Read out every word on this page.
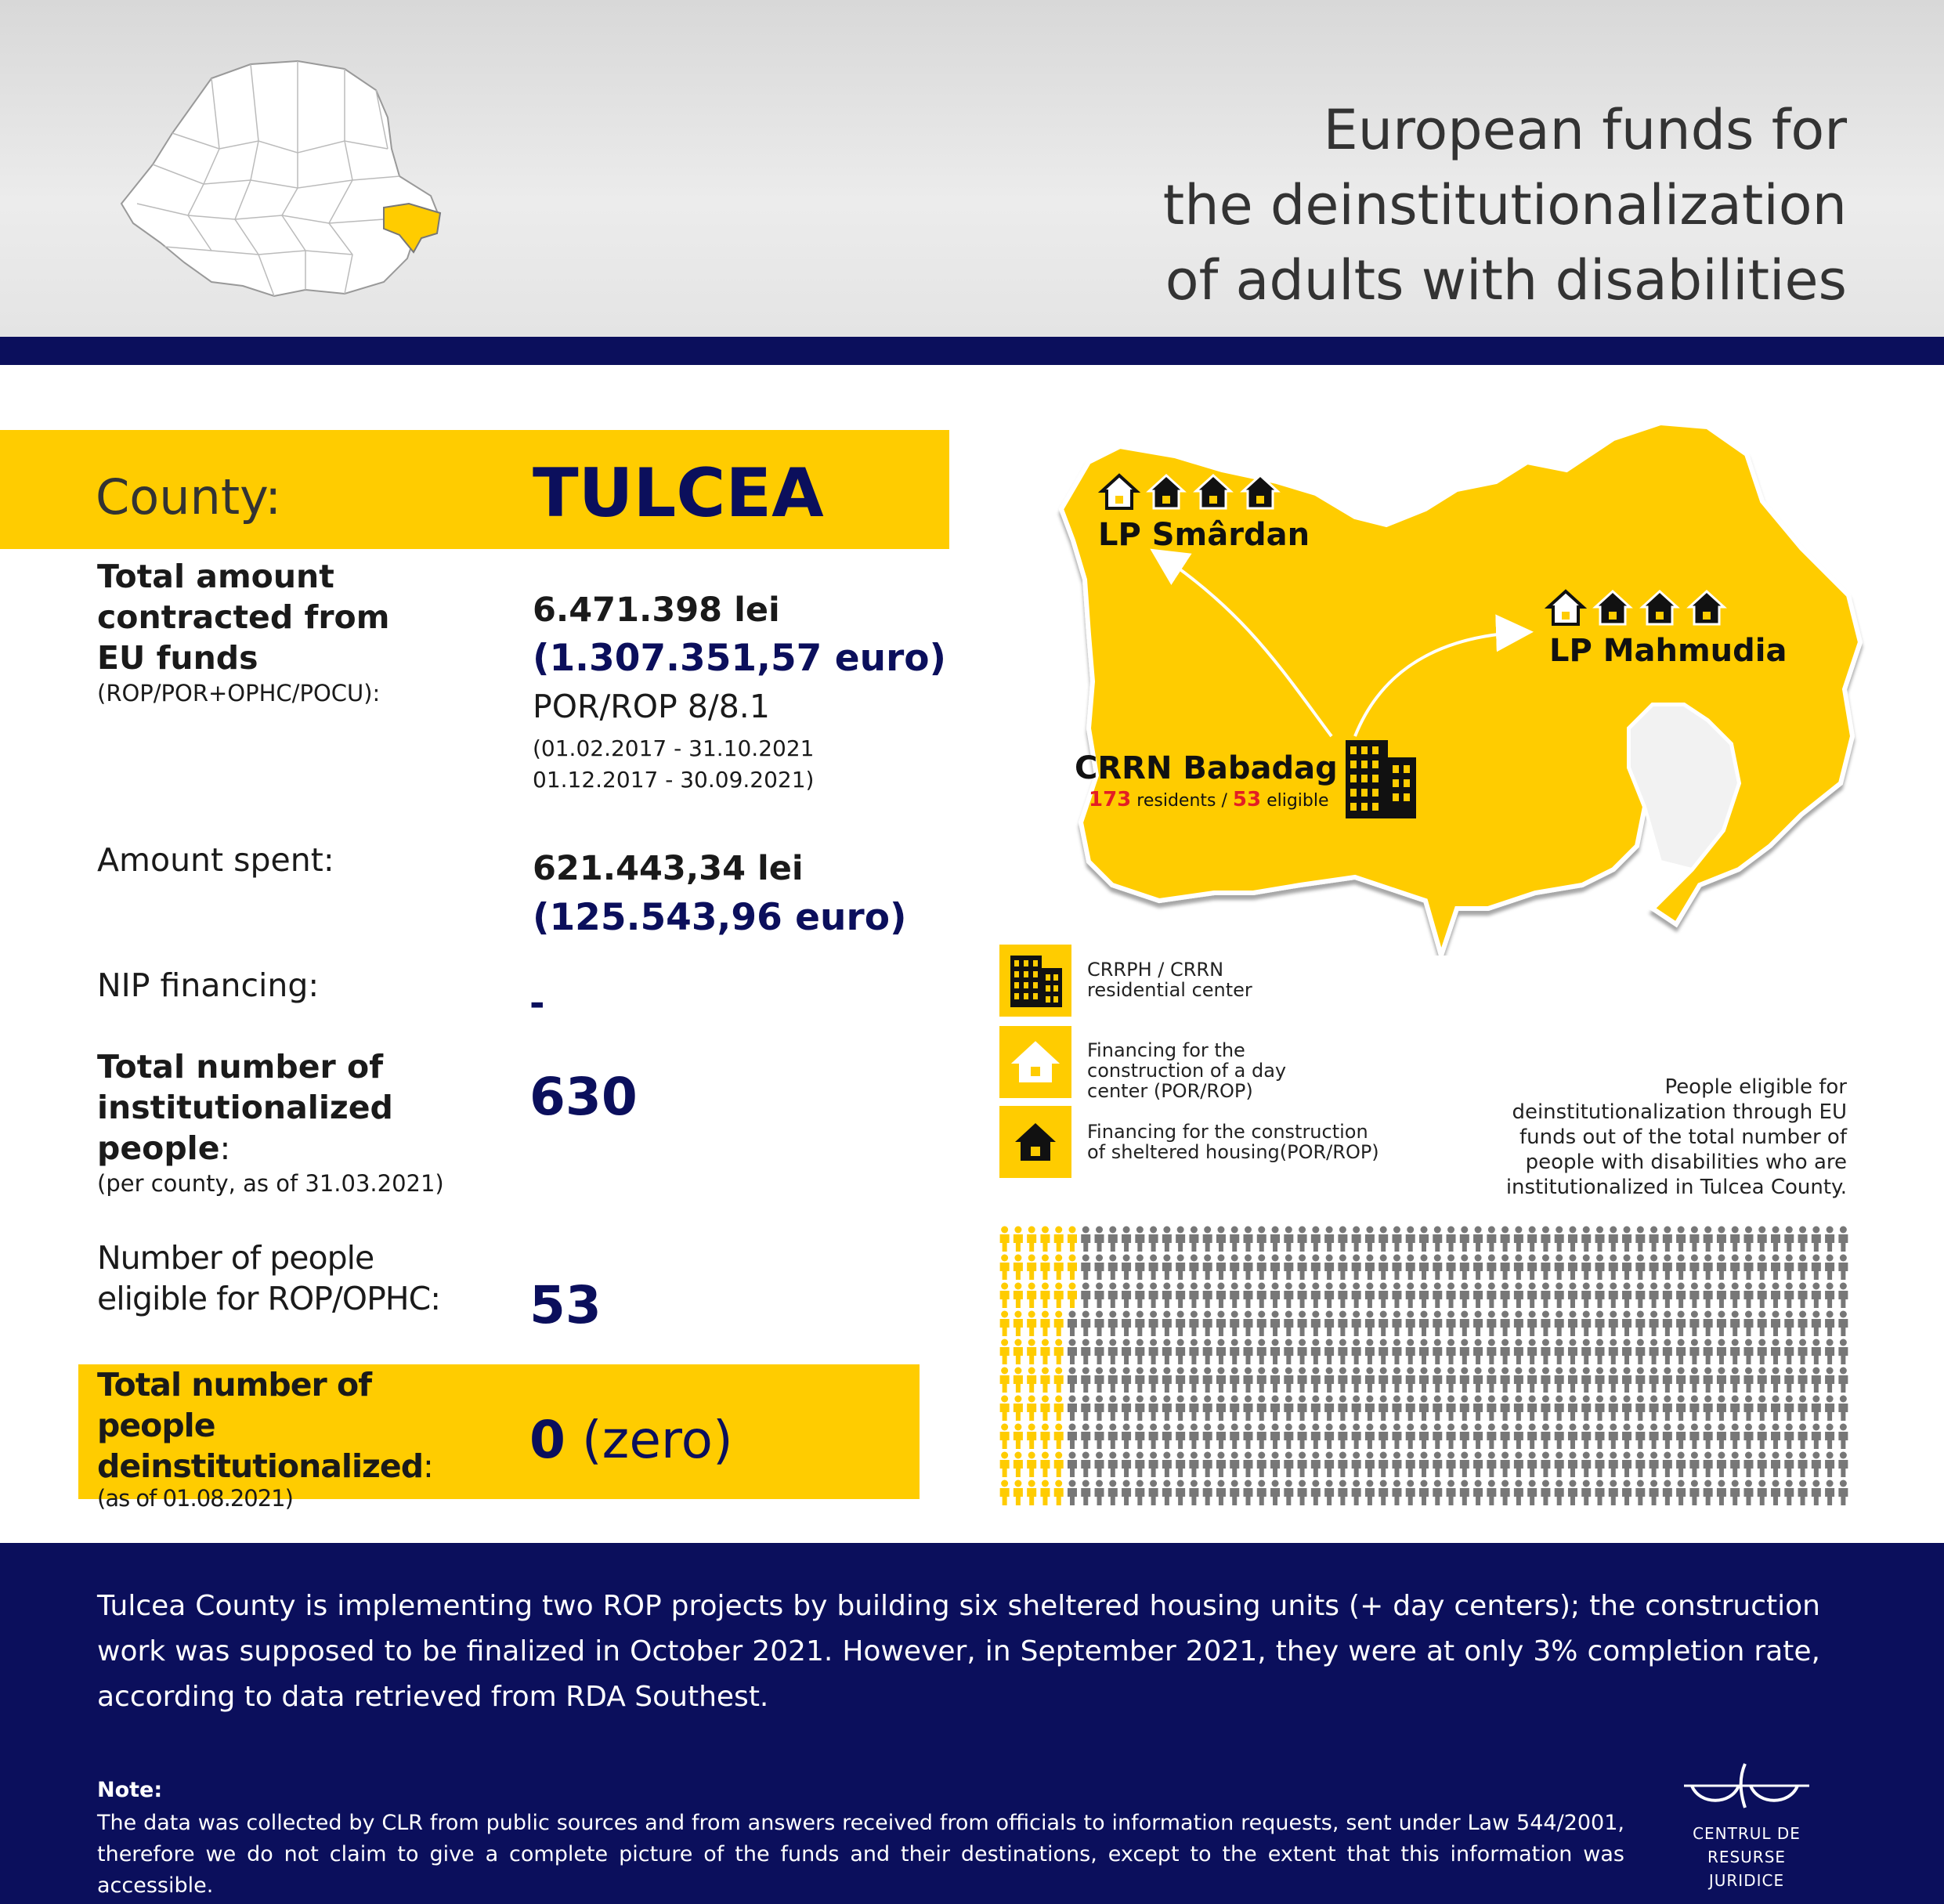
European funds for
the deinstitutionalization
of adults with disabilities
County:	TULCEA
Total amount
contracted from
EU funds
(ROP/POR+OPHC/POCU):
6.471.398 lei
(1.307.351,57 euro)
POR/ROP 8/8.1
(01.02.2017 - 31.10.2021
01.12.2017 - 30.09.2021)
Amount spent:	621.443,34 lei
(125.543,96 euro)
NIP financing:	-
Total number of
institutionalized
people:
(per county, as of 31.03.2021)
630
Number of people
eligible for ROP/OPHC: 53
Total number of
people
deinstitutionalized:
(as of 01.08.2021)
0 (zero)
LP Smârdan
LP Mahmudia
CRRN Babadag
173 residents / 53 eligible
CRRPH / CRRN
residential center
Financing for the
construction of a day
center (POR/ROP)
Financing for the construction
of sheltered housing(POR/ROP)
People eligible for
deinstitutionalization through EU
funds out of the total number of
people with disabilities who are
institutionalized in Tulcea County.
Tulcea County is implementing two ROP projects by building six sheltered housing units (+ day centers); the construction work was supposed to be finalized in October 2021. However, in September 2021, they were at only 3% completion rate, according to data retrieved from RDA Southest.
Note:
The data was collected by CLR from public sources and from answers received from officials to information requests, sent under Law 544/2001, therefore we do not claim to give a complete picture of the funds and their destinations, except to the extent that this information was accessible.
CENTRUL DE RESURSE
JURIDICE
